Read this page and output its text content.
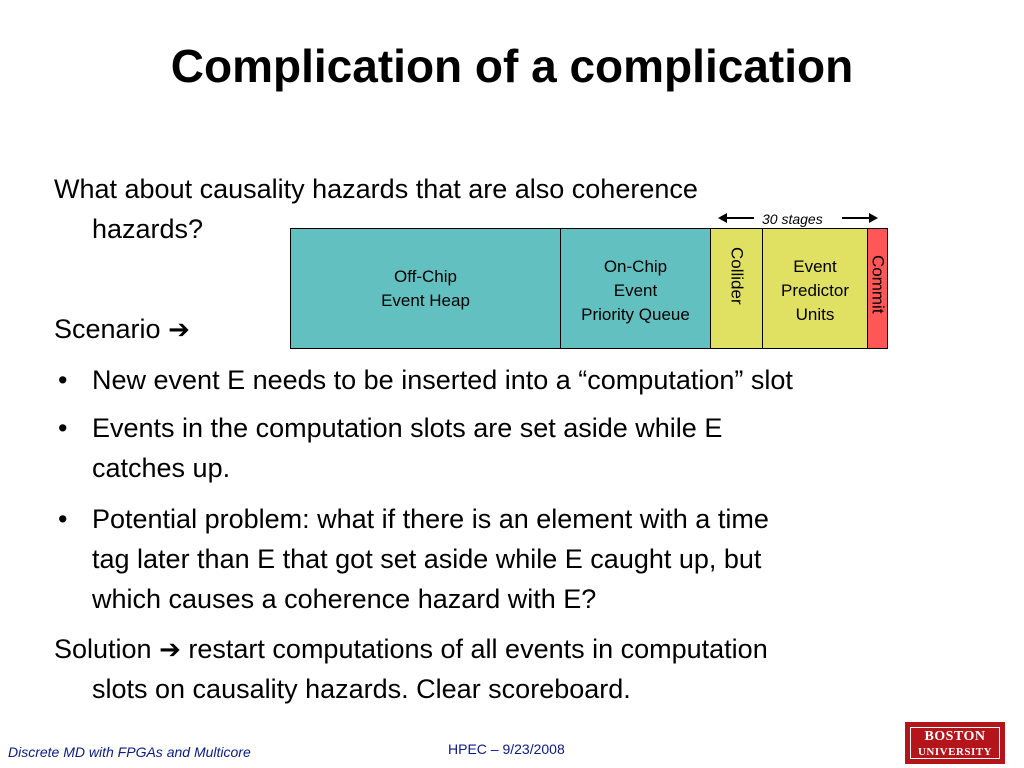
Complication of a complication
What about causality hazards that are also coherence
hazards?
Scenario ➔
• New event E needs to be inserted into a “computation” slot
• Events in the computation slots are set aside while E
catches up.
• Potential problem: what if there is an element with a time
tag later than E that got set aside while E caught up, but
which causes a coherence hazard with E?
Solution ➔ restart computations of all events in computation
slots on causality hazards. Clear scoreboard.
30 stages
Off-Chip
Event Heap
On-Chip
Event
Priority Queue
Collider	Event
Predictor
Units
Commit
Discrete MD with FPGAs and Multicore	HPEC – 9/23/2008
BOSTON
UNIVERSITY
